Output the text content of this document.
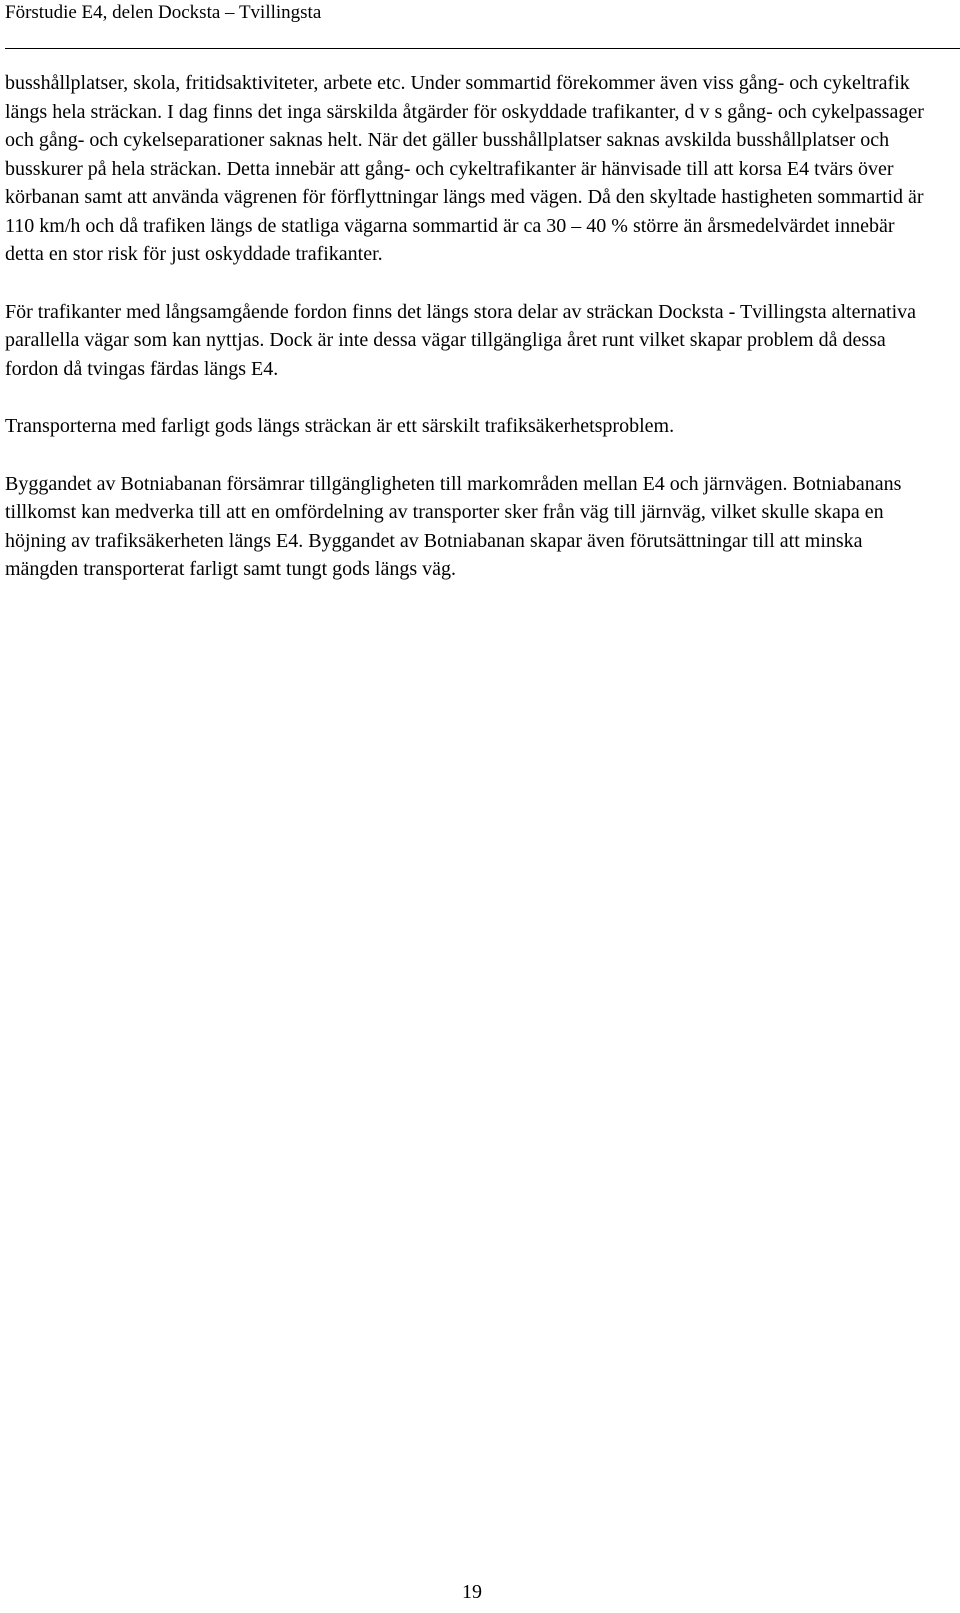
Förstudie E4, delen Docksta – Tvillingsta

busshållplatser, skola, fritidsaktiviteter, arbete etc. Under sommartid förekommer även viss gång- och cykeltrafik längs hela sträckan. I dag finns det inga särskilda åtgärder för oskyddade trafikanter, d v s gång- och cykelpassager och gång- och cykelseparationer saknas helt. När det gäller busshållplatser saknas avskilda busshållplatser och busskurer på hela sträckan. Detta innebär att gång- och cykeltrafikanter är hänvisade till att korsa E4 tvärs över körbanan samt att använda vägrenen för förflyttningar längs med vägen. Då den skyltade hastigheten sommartid är 110 km/h och då trafiken längs de statliga vägarna sommartid är ca 30 – 40 % större än årsmedelvärdet innebär detta en stor risk för just oskyddade trafikanter.

För trafikanter med långsamgående fordon finns det längs stora delar av sträckan Docksta - Tvillingsta alternativa parallella vägar som kan nyttjas. Dock är inte dessa vägar tillgängliga året runt vilket skapar problem då dessa fordon då tvingas färdas längs E4.

Transporterna med farligt gods längs sträckan är ett särskilt trafiksäkerhetsproblem.

Byggandet av Botniabanan försämrar tillgängligheten till markområden mellan E4 och järnvägen. Botniabanans tillkomst kan medverka till att en omfördelning av transporter sker från väg till järnväg, vilket skulle skapa en höjning av trafiksäkerheten längs E4. Byggandet av Botniabanan skapar även förutsättningar till att minska mängden transporterat farligt samt tungt gods längs väg.

19
